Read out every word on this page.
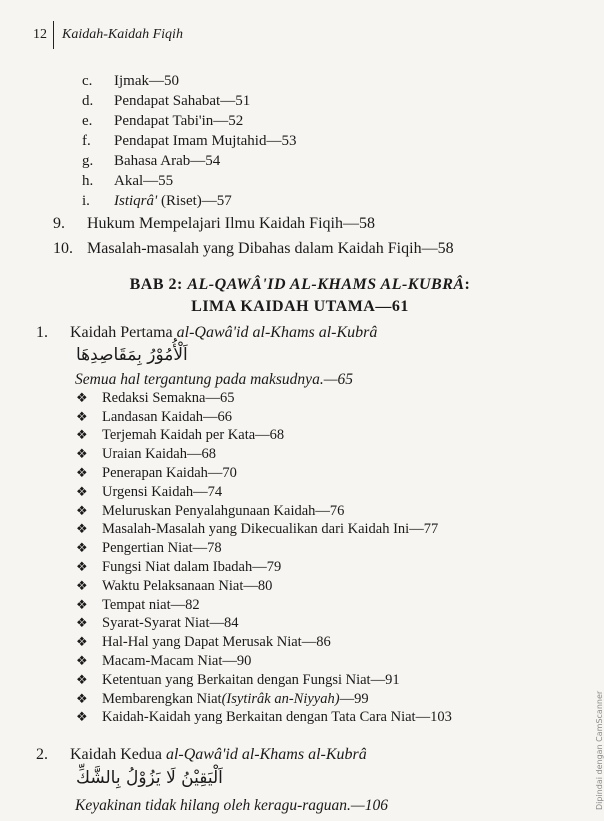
12 Kaidah-Kaidah Fiqih
c. Ijmak—50
d. Pendapat Sahabat—51
e. Pendapat Tabi'in—52
f. Pendapat Imam Mujtahid—53
g. Bahasa Arab—54
h. Akal—55
i. Istiqrâ' (Riset)—57
9. Hukum Mempelajari Ilmu Kaidah Fiqih—58
10. Masalah-masalah yang Dibahas dalam Kaidah Fiqih—58
BAB 2: AL-QAWÂ'ID AL-KHAMS AL-KUBRÂ:
LIMA KAIDAH UTAMA—61
1. Kaidah Pertama al-Qawâ'id al-Khams al-Kubrâ
اَلْأُمُوْرُ بِمَقَاصِدِهَا
Semua hal tergantung pada maksudnya.—65
❖ Redaksi Semakna—65
❖ Landasan Kaidah—66
❖ Terjemah Kaidah per Kata—68
❖ Uraian Kaidah—68
❖ Penerapan Kaidah—70
❖ Urgensi Kaidah—74
❖ Meluruskan Penyalahgunaan Kaidah—76
❖ Masalah-Masalah yang Dikecualikan dari Kaidah Ini—77
❖ Pengertian Niat—78
❖ Fungsi Niat dalam Ibadah—79
❖ Waktu Pelaksanaan Niat—80
❖ Tempat niat—82
❖ Syarat-Syarat Niat—84
❖ Hal-Hal yang Dapat Merusak Niat—86
❖ Macam-Macam Niat—90
❖ Ketentuan yang Berkaitan dengan Fungsi Niat—91
❖ Membarengkan Niat (Isytirâk an-Niyyah) —99
❖ Kaidah-Kaidah yang Berkaitan dengan Tata Cara Niat—103
2. Kaidah Kedua al-Qawâ'id al-Khams al-Kubrâ
اَلْيَقِيْنُ لَا يَزُوْلُ بِالشَّكِّ
Keyakinan tidak hilang oleh keragu-raguan.—106	Dipindai dengan CamScanner
